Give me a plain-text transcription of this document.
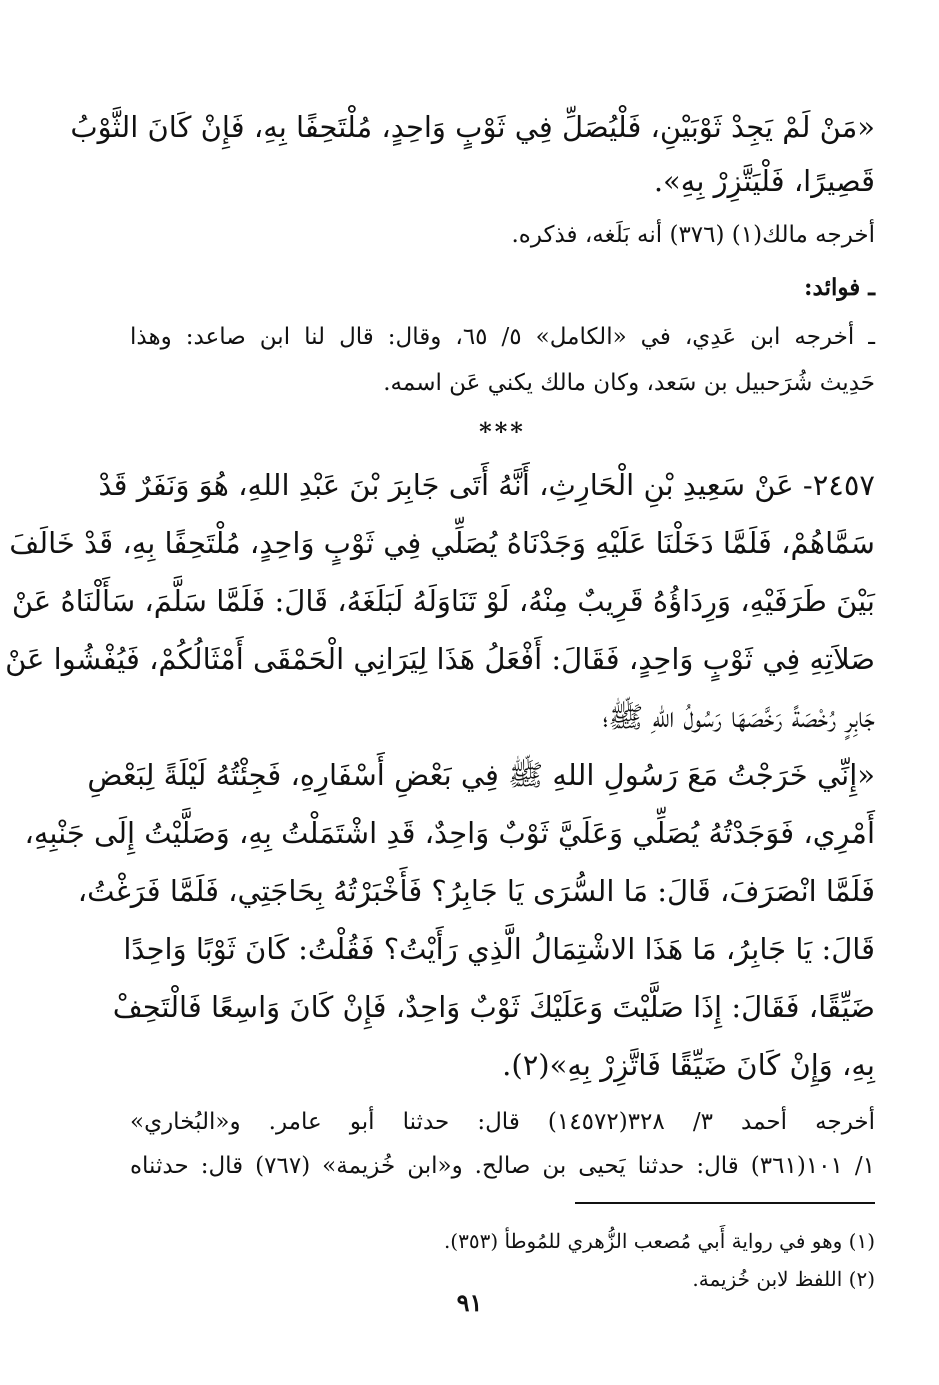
«مَنْ لَمْ يَجِدْ ثَوْبَيْنِ، فَلْيُصَلِّ فِي ثَوْبٍ وَاحِدٍ، مُلْتَحِفًا بِهِ، فَإِنْ كَانَ الثَّوْبُ
قَصِيرًا، فَلْيَتَّزِرْ بِهِ».
أخرجه مالك(١) (٣٧٦) أنه بَلَغه، فذكره.
ـ فوائد:
ـ أخرجه ابن عَدِي، في «الكامل» ٥/ ٦٥، وقال: قال لنا ابن صاعد: وهذا
حَدِيث شُرَحبيل بن سَعد، وكان مالك يكني عَن اسمه.
***
٢٤٥٧- عَنْ سَعِيدِ بْنِ الْحَارِثِ، أَنَّهُ أَتَى جَابِرَ بْنَ عَبْدِ اللهِ، هُوَ وَنَفَرٌ قَدْ
سَمَّاهُمْ، فَلَمَّا دَخَلْنَا عَلَيْهِ وَجَدْنَاهُ يُصَلِّي فِي ثَوْبٍ وَاحِدٍ، مُلْتَحِفًا بِهِ، قَدْ خَالَفَ
بَيْنَ طَرَفَيْهِ، وَرِدَاؤُهُ قَرِيبٌ مِنْهُ، لَوْ تَنَاوَلَهُ لَبَلَغَهُ، قَالَ: فَلَمَّا سَلَّمَ، سَأَلْنَاهُ عَنْ
صَلاَتِهِ فِي ثَوْبٍ وَاحِدٍ، فَقَالَ: أَفْعَلُ هَذَا لِيَرَانِي الْحَمْقَى أَمْثَالُكُمْ، فَيُفْشُوا عَنْ
جَابِرٍ رُخْصَةً رَخَّصَهَا رَسُولُ اللهِ ﷺ؛
«إِنِّي خَرَجْتُ مَعَ رَسُولِ اللهِ ﷺ فِي بَعْضِ أَسْفَارِهِ، فَجِئْتُهُ لَيْلَةً لِبَعْضِ
أَمْرِي، فَوَجَدْتُهُ يُصَلِّي وَعَلَيَّ ثَوْبٌ وَاحِدٌ، قَدِ اشْتَمَلْتُ بِهِ، وَصَلَّيْتُ إِلَى جَنْبِهِ،
فَلَمَّا انْصَرَفَ، قَالَ: مَا السُّرَى يَا جَابِرُ؟ فَأَخْبَرْتُهُ بِحَاجَتِي، فَلَمَّا فَرَغْتُ،
قَالَ: يَا جَابِرُ، مَا هَذَا الاشْتِمَالُ الَّذِي رَأَيْتُ؟ فَقُلْتُ: كَانَ ثَوْبًا وَاحِدًا
ضَيِّقًا، فَقَالَ: إِذَا صَلَّيْتَ وَعَلَيْكَ ثَوْبٌ وَاحِدٌ، فَإِنْ كَانَ وَاسِعًا فَالْتَحِفْ
بِهِ، وَإِنْ كَانَ ضَيِّقًا فَاتَّزِرْ بِهِ»(٢).
أخرجه أحمد ٣/ ٣٢٨(١٤٥٧٢) قال: حدثنا أبو عامر. و«البُخاري»
١/ ١٠١(٣٦١) قال: حدثنا يَحيى بن صالح. و«ابن خُزيمة» (٧٦٧) قال: حدثناه
(١) وهو في رواية أَبي مُصعب الزُّهري للمُوطأ (٣٥٣).
(٢) اللفظ لابن خُزيمة.
٩١
